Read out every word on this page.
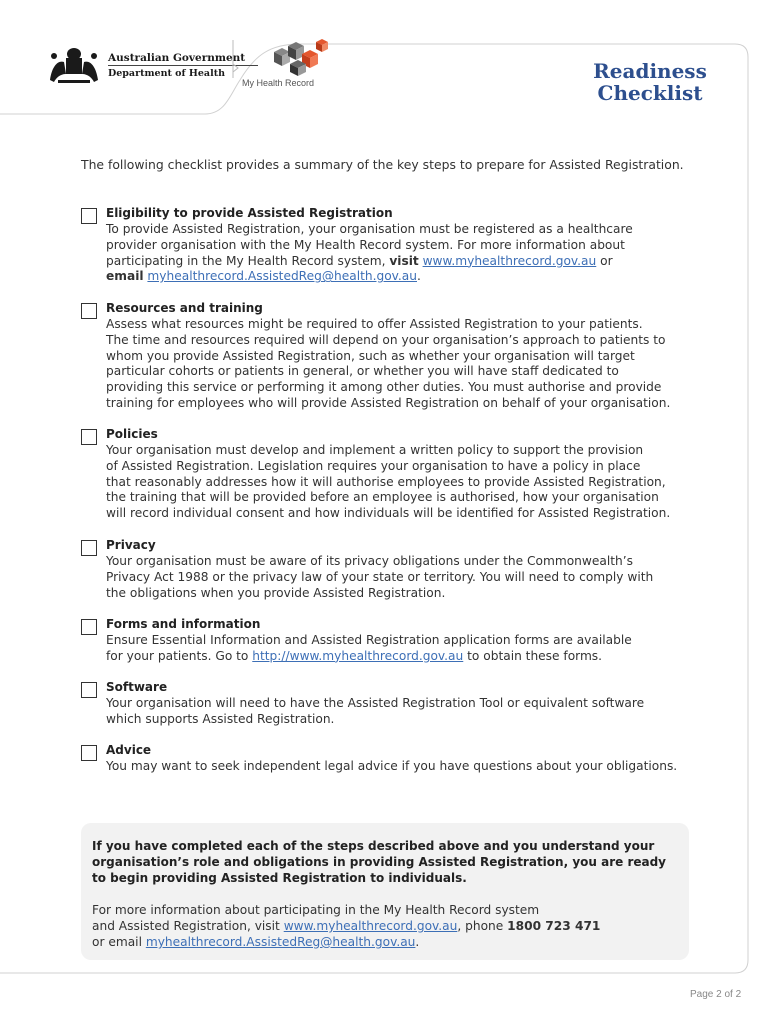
Australian Government
Department of Health
My Health Record	Readiness
Checklist
The following checklist provides a summary of the key steps to prepare for Assisted Registration.
Eligibility to provide Assisted Registration
To provide Assisted Registration, your organisation must be registered as a healthcare
provider organisation with the My Health Record system. For more information about
participating in the My Health Record system, visit www.myhealthrecord.gov.au or
email myhealthrecord.AssistedReg@health.gov.au.
Resources and training
Assess what resources might be required to offer Assisted Registration to your patients.
The time and resources required will depend on your organisation’s approach to patients to
whom you provide Assisted Registration, such as whether your organisation will target
particular cohorts or patients in general, or whether you will have staff dedicated to
providing this service or performing it among other duties. You must authorise and provide
training for employees who will provide Assisted Registration on behalf of your organisation.
Policies
Your organisation must develop and implement a written policy to support the provision
of Assisted Registration. Legislation requires your organisation to have a policy in place
that reasonably addresses how it will authorise employees to provide Assisted Registration,
the training that will be provided before an employee is authorised, how your organisation
will record individual consent and how individuals will be identified for Assisted Registration.
Privacy
Your organisation must be aware of its privacy obligations under the Commonwealth’s
Privacy Act 1988 or the privacy law of your state or territory. You will need to comply with
the obligations when you provide Assisted Registration.
Forms and information
Ensure Essential Information and Assisted Registration application forms are available
for your patients. Go to http://www.myhealthrecord.gov.au to obtain these forms.
Software
Your organisation will need to have the Assisted Registration Tool or equivalent software
which supports Assisted Registration.
Advice
You may want to seek independent legal advice if you have questions about your obligations.
If you have completed each of the steps described above and you understand your
organisation’s role and obligations in providing Assisted Registration, you are ready
to begin providing Assisted Registration to individuals.
For more information about participating in the My Health Record system
and Assisted Registration, visit www.myhealthrecord.gov.au, phone 1800 723 471
or email myhealthrecord.AssistedReg@health.gov.au.
Page 2 of 2
